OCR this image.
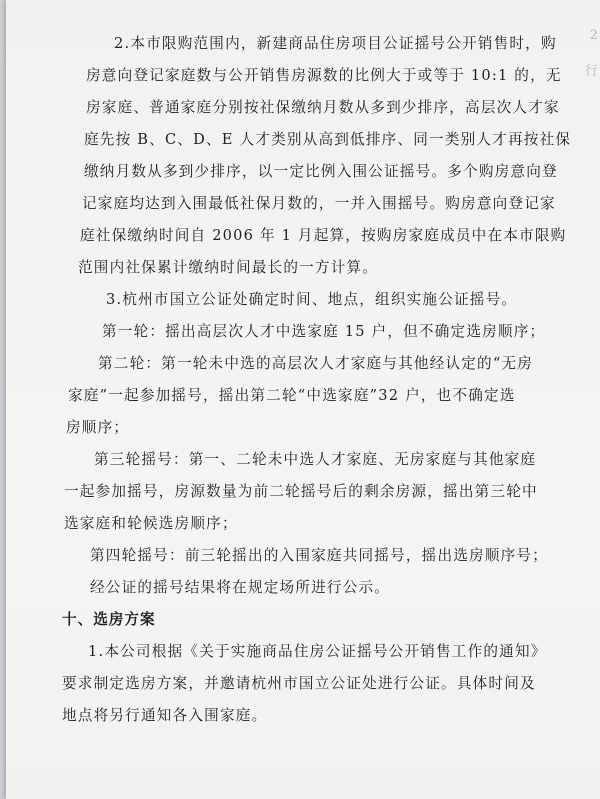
2
行
2.本市限购范围内，新建商品住房项目公证摇号公开销售时，购
房意向登记家庭数与公开销售房源数的比例大于或等于 10:1 的，无
房家庭、普通家庭分别按社保缴纳月数从多到少排序，高层次人才家
庭先按 B、C、D、E 人才类别从高到低排序、同一类别人才再按社保
缴纳月数从多到少排序，以一定比例入围公证摇号。多个购房意向登
记家庭均达到入围最低社保月数的，一并入围摇号。购房意向登记家
庭社保缴纳时间自 2006 年 1 月起算，按购房家庭成员中在本市限购
范围内社保累计缴纳时间最长的一方计算。
3.杭州市国立公证处确定时间、地点，组织实施公证摇号。
第一轮：摇出高层次人才中选家庭 15 户，但不确定选房顺序；
第二轮：第一轮未中选的高层次人才家庭与其他经认定的“无房
家庭”一起参加摇号，摇出第二轮“中选家庭”32 户，也不确定选
房顺序；
第三轮摇号：第一、二轮未中选人才家庭、无房家庭与其他家庭
一起参加摇号，房源数量为前二轮摇号后的剩余房源，摇出第三轮中
选家庭和轮候选房顺序；
第四轮摇号：前三轮摇出的入围家庭共同摇号，摇出选房顺序号；
经公证的摇号结果将在规定场所进行公示。
十、选房方案
1.本公司根据《关于实施商品住房公证摇号公开销售工作的通知》
要求制定选房方案，并邀请杭州市国立公证处进行公证。具体时间及
地点将另行通知各入围家庭。
